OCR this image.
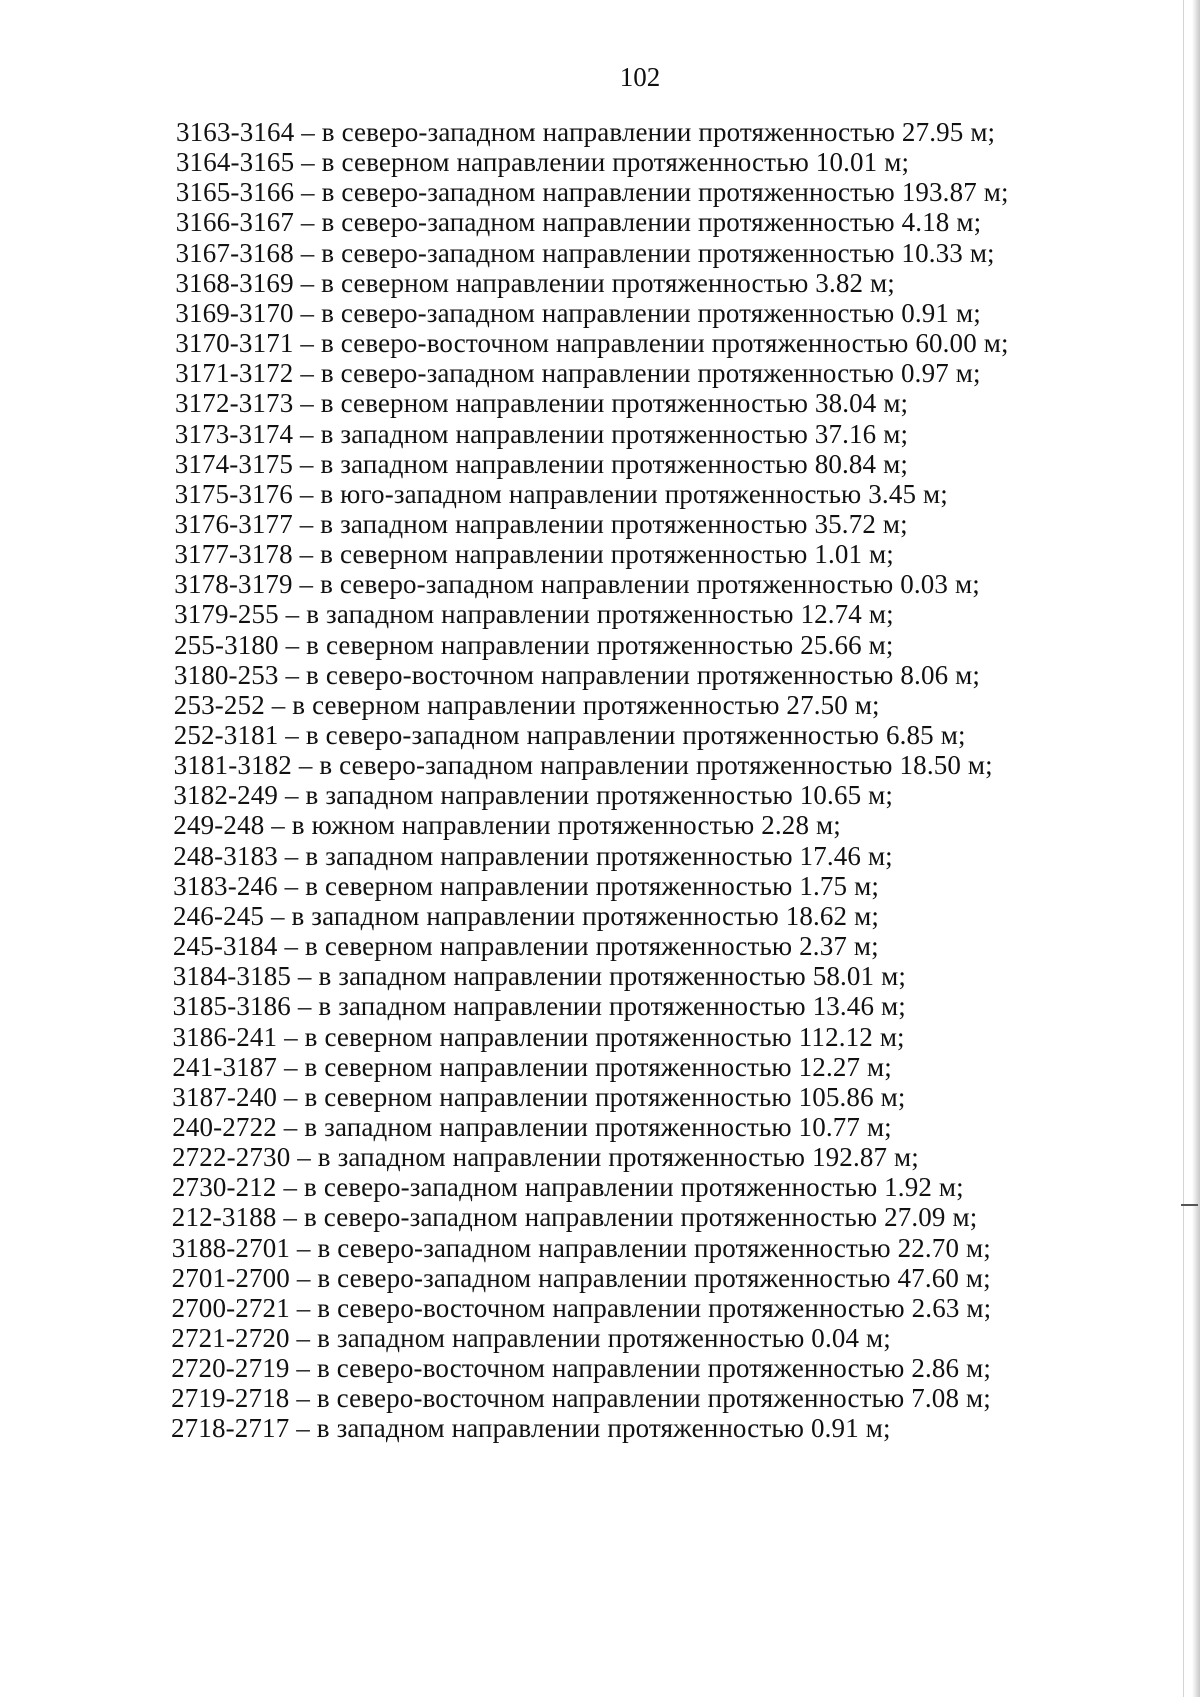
102
3163-3164 – в северо-западном направлении протяженностью 27.95 м;
3164-3165 – в северном направлении протяженностью 10.01 м;
3165-3166 – в северо-западном направлении протяженностью 193.87 м;
3166-3167 – в северо-западном направлении протяженностью 4.18 м;
3167-3168 – в северо-западном направлении протяженностью 10.33 м;
3168-3169 – в северном направлении протяженностью 3.82 м;
3169-3170 – в северо-западном направлении протяженностью 0.91 м;
3170-3171 – в северо-восточном направлении протяженностью 60.00 м;
3171-3172 – в северо-западном направлении протяженностью 0.97 м;
3172-3173 – в северном направлении протяженностью 38.04 м;
3173-3174 – в западном направлении протяженностью 37.16 м;
3174-3175 – в западном направлении протяженностью 80.84 м;
3175-3176 – в юго-западном направлении протяженностью 3.45 м;
3176-3177 – в западном направлении протяженностью 35.72 м;
3177-3178 – в северном направлении протяженностью 1.01 м;
3178-3179 – в северо-западном направлении протяженностью 0.03 м;
3179-255 – в западном направлении протяженностью 12.74 м;
255-3180 – в северном направлении протяженностью 25.66 м;
3180-253 – в северо-восточном направлении протяженностью 8.06 м;
253-252 – в северном направлении протяженностью 27.50 м;
252-3181 – в северо-западном направлении протяженностью 6.85 м;
3181-3182 – в северо-западном направлении протяженностью 18.50 м;
3182-249 – в западном направлении протяженностью 10.65 м;
249-248 – в южном направлении протяженностью 2.28 м;
248-3183 – в западном направлении протяженностью 17.46 м;
3183-246 – в северном направлении протяженностью 1.75 м;
246-245 – в западном направлении протяженностью 18.62 м;
245-3184 – в северном направлении протяженностью 2.37 м;
3184-3185 – в западном направлении протяженностью 58.01 м;
3185-3186 – в западном направлении протяженностью 13.46 м;
3186-241 – в северном направлении протяженностью 112.12 м;
241-3187 – в северном направлении протяженностью 12.27 м;
3187-240 – в северном направлении протяженностью 105.86 м;
240-2722 – в западном направлении протяженностью 10.77 м;
2722-2730 – в западном направлении протяженностью 192.87 м;
2730-212 – в северо-западном направлении протяженностью 1.92 м;
212-3188 – в северо-западном направлении протяженностью 27.09 м;
3188-2701 – в северо-западном направлении протяженностью 22.70 м;
2701-2700 – в северо-западном направлении протяженностью 47.60 м;
2700-2721 – в северо-восточном направлении протяженностью 2.63 м;
2721-2720 – в западном направлении протяженностью 0.04 м;
2720-2719 – в северо-восточном направлении протяженностью 2.86 м;
2719-2718 – в северо-восточном направлении протяженностью 7.08 м;
2718-2717 – в западном направлении протяженностью 0.91 м;
